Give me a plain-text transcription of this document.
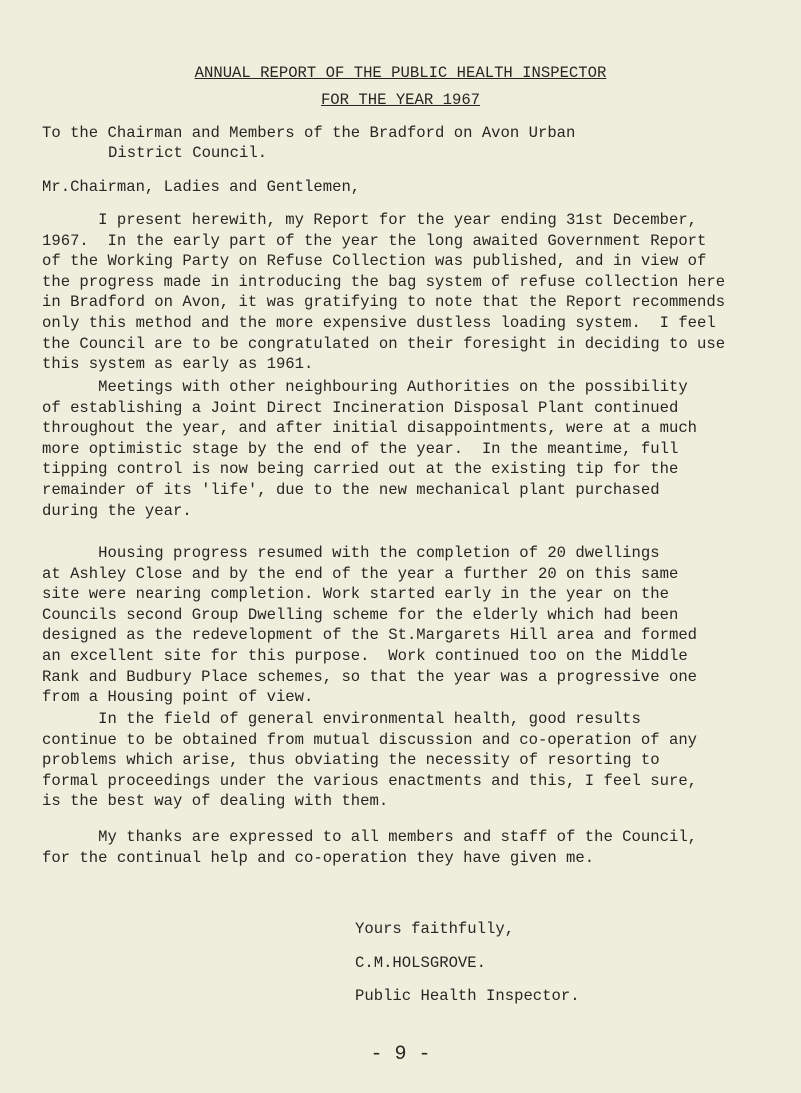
ANNUAL REPORT OF THE PUBLIC HEALTH INSPECTOR
FOR THE YEAR 1967
To the Chairman and Members of the Bradford on Avon Urban
District Council.
Mr.Chairman, Ladies and Gentlemen,
I present herewith, my Report for the year ending 31st December,
1967.  In the early part of the year the long awaited Government Report
of the Working Party on Refuse Collection was published, and in view of
the progress made in introducing the bag system of refuse collection here
in Bradford on Avon, it was gratifying to note that the Report recommends
only this method and the more expensive dustless loading system.  I feel
the Council are to be congratulated on their foresight in deciding to use
this system as early as 1961.
Meetings with other neighbouring Authorities on the possibility
of establishing a Joint Direct Incineration Disposal Plant continued
throughout the year, and after initial disappointments, were at a much
more optimistic stage by the end of the year.  In the meantime, full
tipping control is now being carried out at the existing tip for the
remainder of its 'life', due to the new mechanical plant purchased
during the year.
Housing progress resumed with the completion of 20 dwellings
at Ashley Close and by the end of the year a further 20 on this same
site were nearing completion. Work started early in the year on the
Councils second Group Dwelling scheme for the elderly which had been
designed as the redevelopment of the St.Margarets Hill area and formed
an excellent site for this purpose.  Work continued too on the Middle
Rank and Budbury Place schemes, so that the year was a progressive one
from a Housing point of view.
In the field of general environmental health, good results
continue to be obtained from mutual discussion and co-operation of any
problems which arise, thus obviating the necessity of resorting to
formal proceedings under the various enactments and this, I feel sure,
is the best way of dealing with them.
My thanks are expressed to all members and staff of the Council,
for the continual help and co-operation they have given me.
Yours faithfully,
C.M.HOLSGROVE.
Public Health Inspector.
- 9 -
